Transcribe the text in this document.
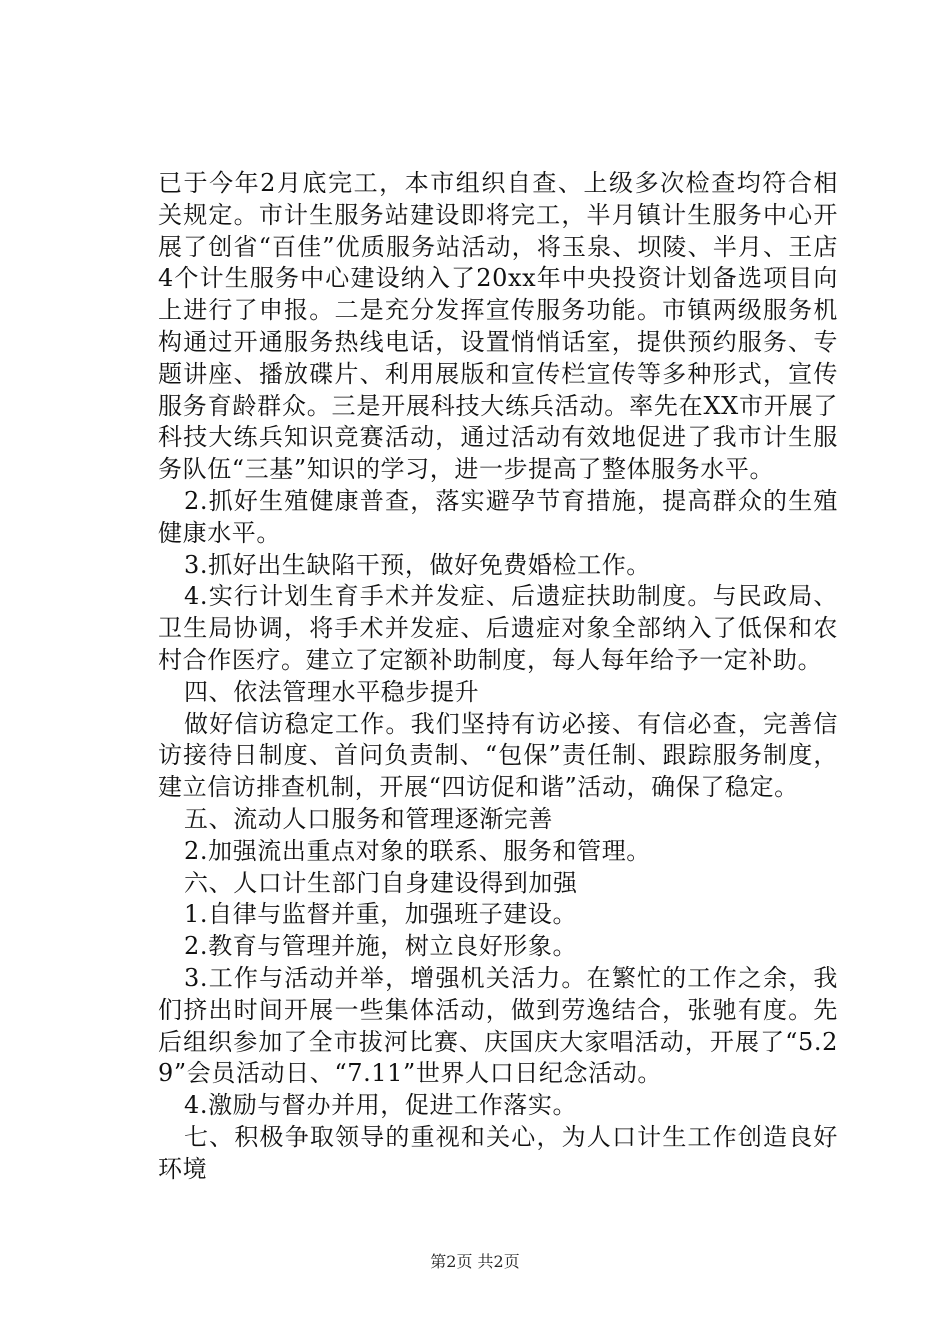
已于今年2月底完工，本市组织自查、上级多次检查均符合相关规定。市计生服务站建设即将完工，半月镇计生服务中心开展了创省“百佳”优质服务站活动，将玉泉、坝陵、半月、王店4个计生服务中心建设纳入了20xx年中央投资计划备选项目向上进行了申报。二是充分发挥宣传服务功能。市镇两级服务机构通过开通服务热线电话，设置悄悄话室，提供预约服务、专题讲座、播放碟片、利用展版和宣传栏宣传等多种形式，宣传服务育龄群众。三是开展科技大练兵活动。率先在XX市开展了科技大练兵知识竞赛活动，通过活动有效地促进了我市计生服务队伍“三基”知识的学习，进一步提高了整体服务水平。

2.抓好生殖健康普查，落实避孕节育措施，提高群众的生殖健康水平。

3.抓好出生缺陷干预，做好免费婚检工作。

4.实行计划生育手术并发症、后遗症扶助制度。与民政局、卫生局协调，将手术并发症、后遗症对象全部纳入了低保和农村合作医疗。建立了定额补助制度，每人每年给予一定补助。

四、依法管理水平稳步提升

做好信访稳定工作。我们坚持有访必接、有信必查，完善信访接待日制度、首问负责制、“包保”责任制、跟踪服务制度，建立信访排查机制，开展“四访促和谐”活动，确保了稳定。

五、流动人口服务和管理逐渐完善

2.加强流出重点对象的联系、服务和管理。

六、人口计生部门自身建设得到加强

1.自律与监督并重，加强班子建设。

2.教育与管理并施，树立良好形象。

3.工作与活动并举，增强机关活力。在繁忙的工作之余，我们挤出时间开展一些集体活动，做到劳逸结合，张驰有度。先后组织参加了全市拔河比赛、庆国庆大家唱活动，开展了“5.29”会员活动日、“7.11”世界人口日纪念活动。

4.激励与督办并用，促进工作落实。

七、积极争取领导的重视和关心，为人口计生工作创造良好环境

第2页 共2页
